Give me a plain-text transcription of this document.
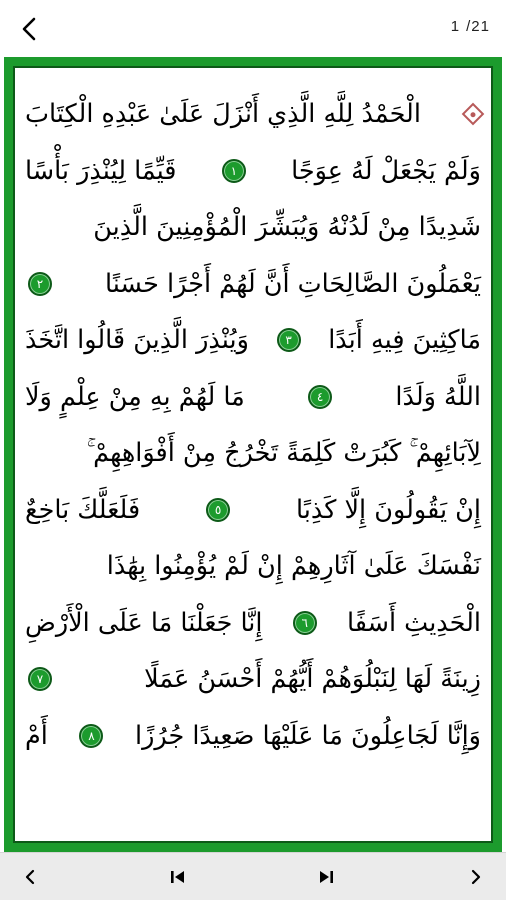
1 /21
الْحَمْدُ لِلَّهِ الَّذِي أَنْزَلَ عَلَىٰ عَبْدِهِ الْكِتَابَ
وَلَمْ يَجْعَلْ لَهُ عِوَجًا
١
قَيِّمًا لِيُنْذِرَ بَأْسًا
شَدِيدًا مِنْ لَدُنْهُ وَيُبَشِّرَ الْمُؤْمِنِينَ الَّذِينَ
يَعْمَلُونَ الصَّالِحَاتِ أَنَّ لَهُمْ أَجْرًا حَسَنًا
٢
مَاكِثِينَ فِيهِ أَبَدًا
٣
وَيُنْذِرَ الَّذِينَ قَالُوا اتَّخَذَ
اللَّهُ وَلَدًا
٤
مَا لَهُمْ بِهِ مِنْ عِلْمٍ وَلَا
لِآبَائِهِمْ ۚ كَبُرَتْ كَلِمَةً تَخْرُجُ مِنْ أَفْوَاهِهِمْ ۚ
إِنْ يَقُولُونَ إِلَّا كَذِبًا
٥
فَلَعَلَّكَ بَاخِعٌ
نَفْسَكَ عَلَىٰ آثَارِهِمْ إِنْ لَمْ يُؤْمِنُوا بِهَٰذَا
الْحَدِيثِ أَسَفًا
٦
إِنَّا جَعَلْنَا مَا عَلَى الْأَرْضِ
زِينَةً لَهَا لِنَبْلُوَهُمْ أَيُّهُمْ أَحْسَنُ عَمَلًا
٧
وَإِنَّا لَجَاعِلُونَ مَا عَلَيْهَا صَعِيدًا جُرُزًا
٨
أَمْ
